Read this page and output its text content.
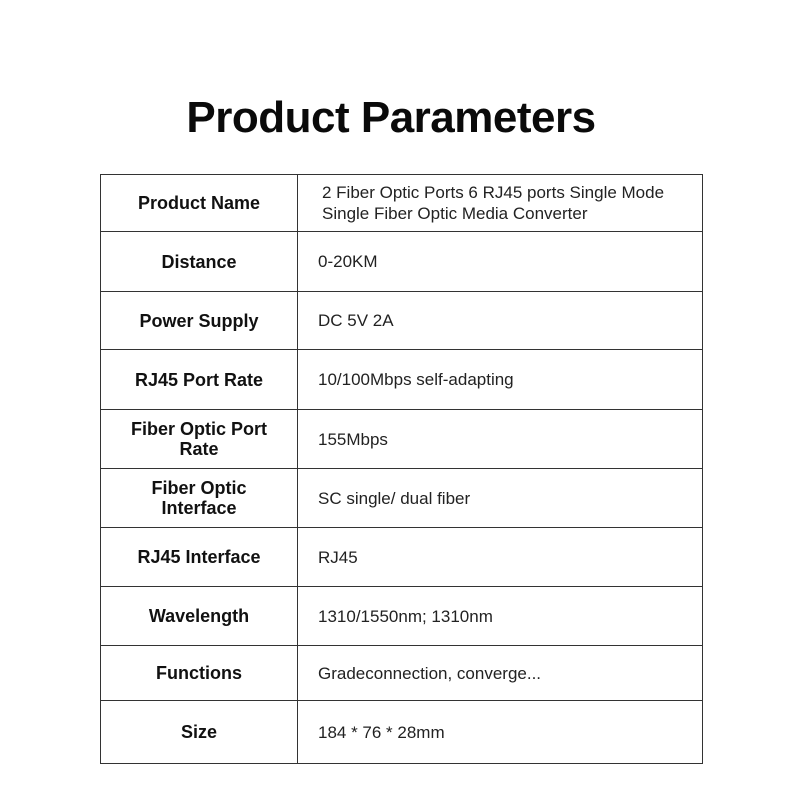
Product Parameters
Product Name	2 Fiber Optic Ports 6 RJ45 ports Single Mode Single Fiber Optic Media Converter

Distance	0-20KM

Power Supply	DC 5V 2A

RJ45 Port Rate	10/100Mbps self-adapting

Fiber Optic Port Rate	155Mbps

Fiber Optic Interface	SC single/ dual fiber

RJ45 Interface	RJ45

Wavelength	1310/1550nm; 1310nm

Functions	Gradeconnection, converge...

Size	184 * 76 * 28mm
